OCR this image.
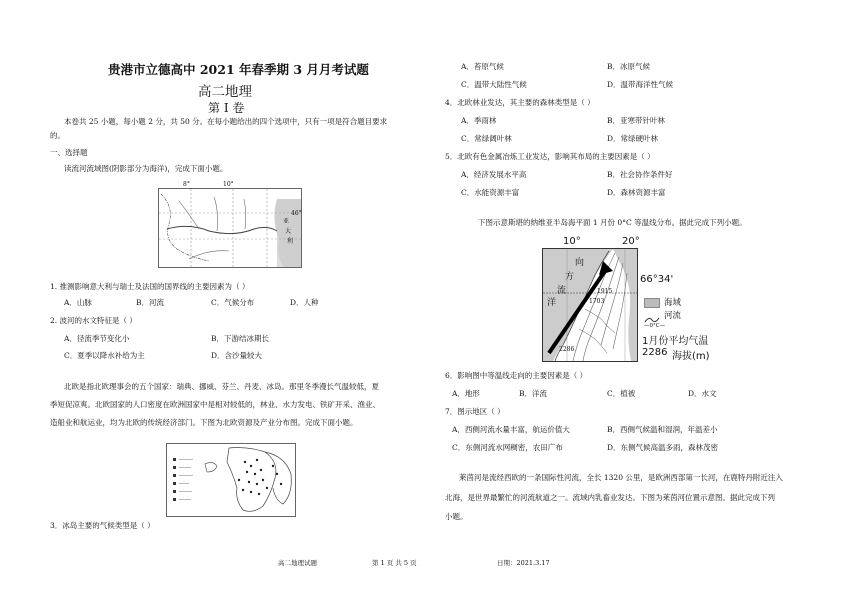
贵港市立德高中 2021 年春季期 3 月月考试题
高二地理
第 I 卷
本卷共 25 小题，每小题 2 分，共 50 分。在每小题给出的四个选项中，只有一项是符合题目要求
的。
一、选择题
读流河流域图(阴影部分为海洋)，完成下面小题。
8°	10°
46°
亚
大
利
1. 推测影响意大利与瑞士及法国的国界线的主要因素为（ ）
A．山脉	B．河流	C．气候分布	D．人种
2. 波河的水文特征是（ ）
A．径流季节变化小	B．下游结冰期长
C．夏季以降水补给为主	D．含沙量较大
北欧是指北欧理事会的五个国家：瑞典、挪威、芬兰、丹麦、冰岛。那里冬季漫长气温较低，夏
季短促凉爽。北欧国家的人口密度在欧洲国家中是相对较低的，林业、水力发电、铁矿开采、渔业、
造船业和航运业，均为北欧的传统经济部门。下图为北欧资源及产业分布图。完成下面小题。
3．冰岛主要的气候类型是（ ）
A．苔原气候	B．冰原气候
C．温带大陆性气候	D．温带海洋性气候
4．北欧林业发达，其主要的森林类型是（ ）
A．季雨林	B．亚寒带针叶林
C．常绿阔叶林	D．常绿硬叶林
5．北欧有色金属冶炼工业发达，影响其布局的主要因素是（ ）
A．经济发展水平高	B．社会协作条件好
C．水能资源丰富	D．森林资源丰富
下图示意斯堪的纳维亚半岛海平面 1 月份 0°C 等温线分布。据此完成下列小题。
10°	20°
向
方
流
洋
1915
1703
2286
66°34'
海域
河流
—0°C—
1月份平均气温
2286 海拔(m)
6．影响图中等温线走向的主要因素是（ ）
A．地形	B．洋流	C．植被	D．水文
7．图示地区（ ）
A．西侧河流水量丰富，航运价值大	B．西侧气候温和湿润，年温差小
C．东侧河流水网稠密，农田广布	D．东侧气候高温多雨，森林茂密
莱茵河是流经西欧的一条国际性河流，全长 1320 公里，是欧洲西部第一长河，在鹿特丹附近注入
北海，是世界最繁忙的河流航道之一。流域内乳畜业发达。下图为莱茵河位置示意图。据此完成下列
小题。
高二地理试题	第 1 页 共 5 页	日期：2021.3.17
